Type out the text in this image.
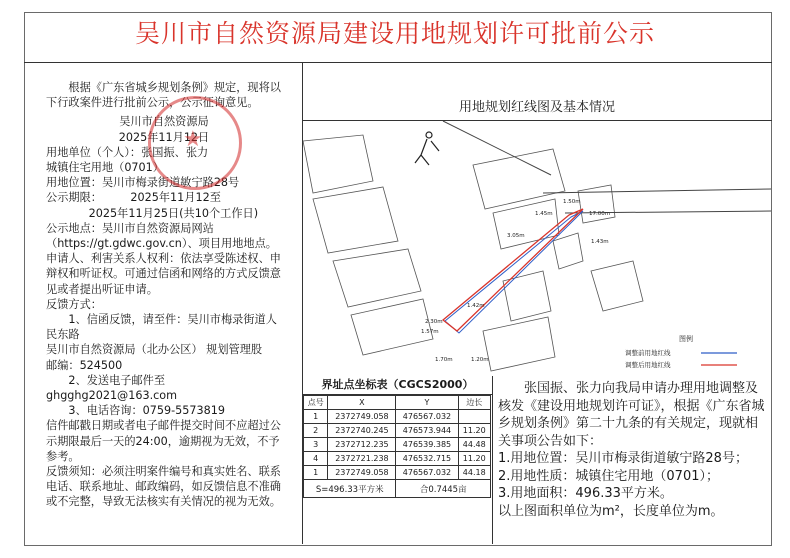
吴川市自然资源局建设用地规划许可批前公示

根据《广东省城乡规划条例》规定，现将以下行政案件进行批前公示，公示征询意见。

吴川市自然资源局

2025年11月12日

用地单位（个人）：张国振、张力

城镇住宅用地（0701）

用地位置：吴川市梅录街道敏宁路28号

公示期限：        2025年11月12至

2025年11月25日(共10个工作日)

公示地点：吴川市自然资源局网站（https://gt.gdwc.gov.cn）、项目用地地点。

申请人、利害关系人权利：依法享受陈述权、申辩权和听证权。可通过信函和网络的方式反馈意见或者提出听证申请。

反馈方式：

1、信函反馈，请至件：吴川市梅录街道人民东路

吴川市自然资源局（北办公区） 规划管理股

邮编：524500

2、发送电子邮件至ghgghg2021@163.com

3、电话咨询：0759-5573819

信件邮戳日期或者电子邮件提交时间不应超过公示期限最后一天的24:00，逾期视为无效，不予参考。

反馈须知：必须注明案件编号和真实姓名、联系电话、联系地址、邮政编码，如反馈信息不准确或不完整，导致无法核实有关情况的视为无效。

★
用地规划红线图及基本情况
17.00m
1.50m
1.45m
1.43m
3.05m
1.42m
2.30m
1.57m
1.70m	1.20m
图例
调整前用地红线
调整后用地红线
界址点坐标表（CGCS2000）
点号	X	Y	边长
1	2372749.058	476567.032	
2	2372740.245	476573.944	11.20
3	2372712.235	476539.385	44.48
4	2372721.238	476532.715	11.20
1	2372749.058	476567.032	44.18
S=496.33平方米		合0.7445亩	

张国振、张力向我局申请办理用地调整及核发《建设用地规划许可证》，根据《广东省城乡规划条例》第二十九条的有关规定，现就相关事项公告如下：

1.用地位置：吴川市梅录街道敏宁路28号；

2.用地性质：城镇住宅用地（0701）；

3.用地面积：496.33平方米。

以上图面积单位为m²，长度单位为m。
